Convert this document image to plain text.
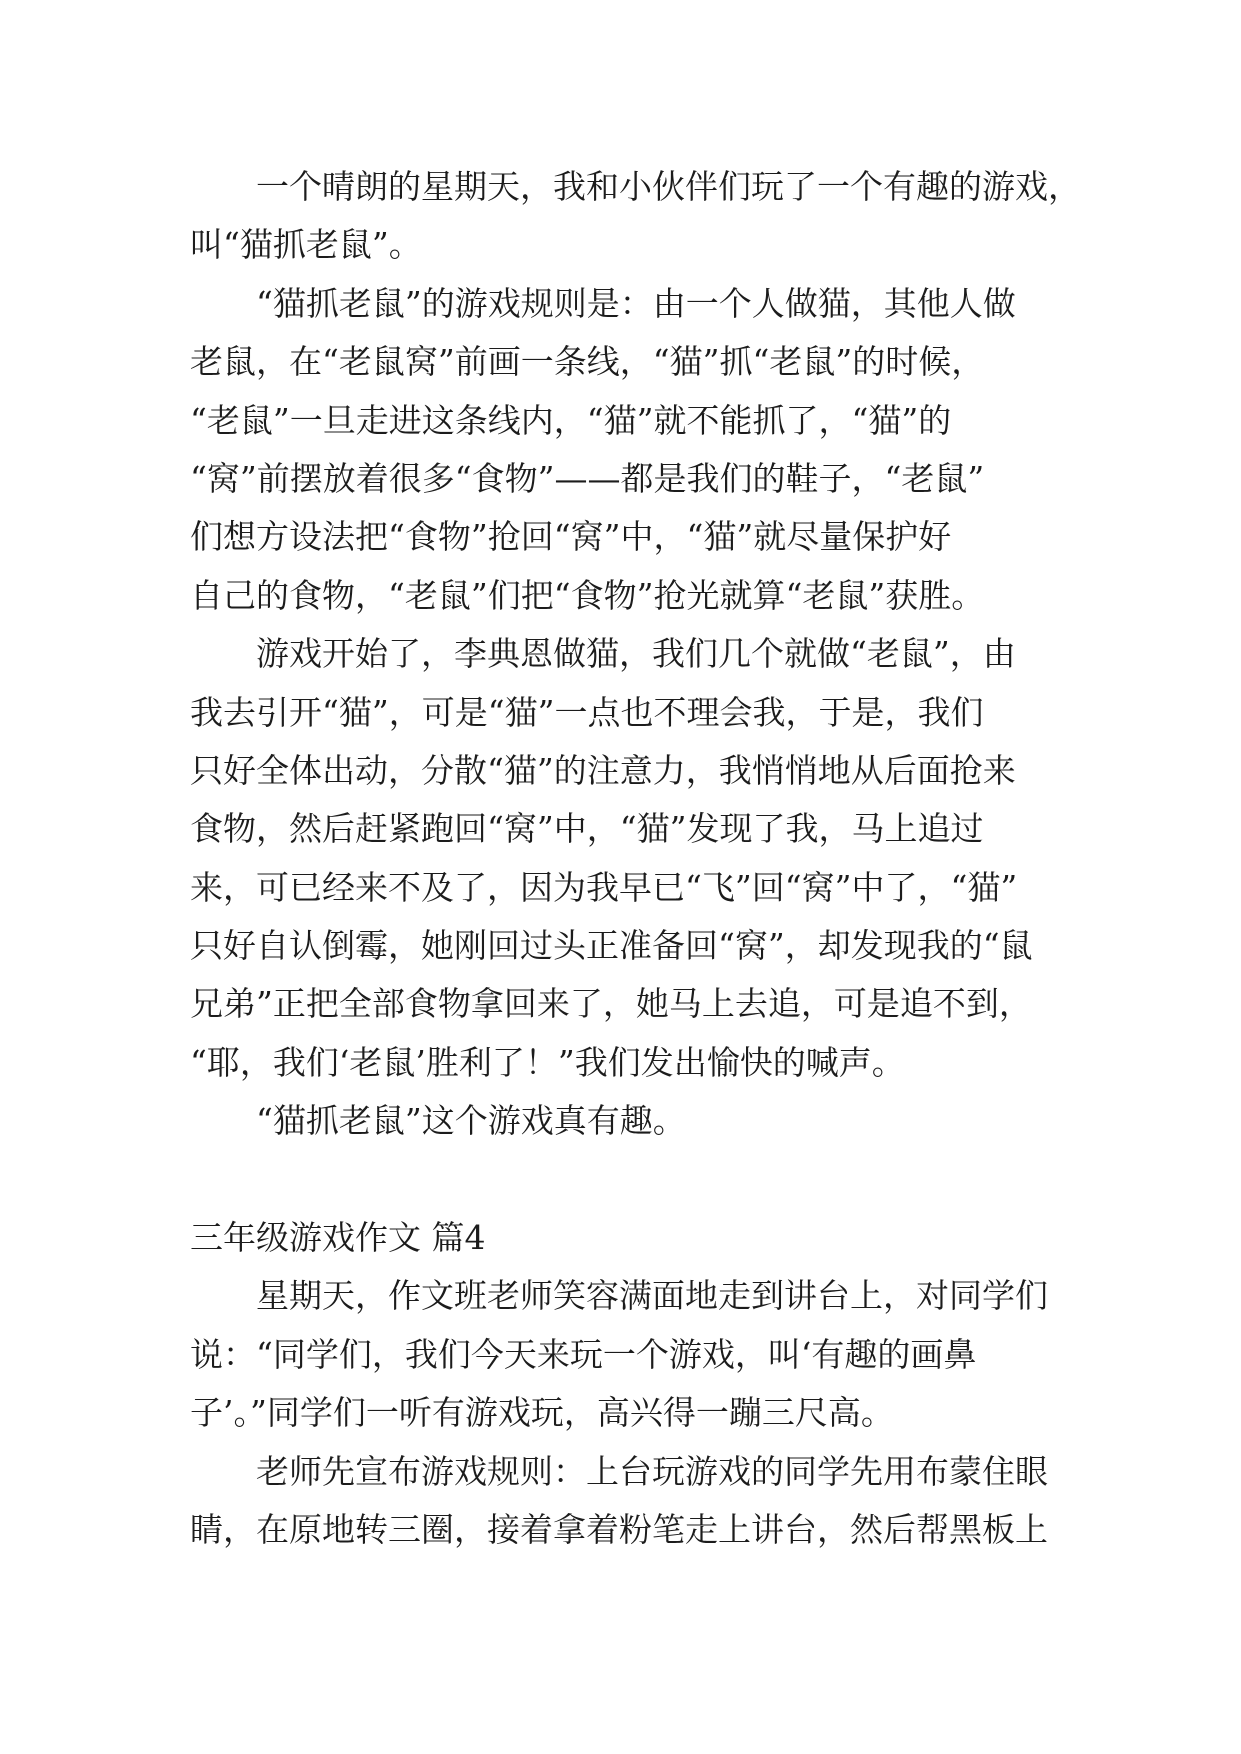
一个晴朗的星期天，我和小伙伴们玩了一个有趣的游戏，
叫“猫抓老鼠”。
“猫抓老鼠”的游戏规则是：由一个人做猫，其他人做
老鼠，在“老鼠窝”前画一条线，“猫”抓“老鼠”的时候，
“老鼠”一旦走进这条线内，“猫”就不能抓了，“猫”的
“窝”前摆放着很多“食物”——都是我们的鞋子，“老鼠”
们想方设法把“食物”抢回“窝”中，“猫”就尽量保护好
自己的食物，“老鼠”们把“食物”抢光就算“老鼠”获胜。
游戏开始了，李典恩做猫，我们几个就做“老鼠”，由
我去引开“猫”，可是“猫”一点也不理会我，于是，我们
只好全体出动，分散“猫”的注意力，我悄悄地从后面抢来
食物，然后赶紧跑回“窝”中，“猫”发现了我，马上追过
来，可已经来不及了，因为我早已“飞”回“窝”中了，“猫”
只好自认倒霉，她刚回过头正准备回“窝”，却发现我的“鼠
兄弟”正把全部食物拿回来了，她马上去追，可是追不到，
“耶，我们‘老鼠’胜利了！”我们发出愉快的喊声。
“猫抓老鼠”这个游戏真有趣。
三年级游戏作文 篇4
星期天，作文班老师笑容满面地走到讲台上，对同学们
说：“同学们，我们今天来玩一个游戏，叫‘有趣的画鼻
子’。”同学们一听有游戏玩，高兴得一蹦三尺高。
老师先宣布游戏规则：上台玩游戏的同学先用布蒙住眼
睛，在原地转三圈，接着拿着粉笔走上讲台，然后帮黑板上
